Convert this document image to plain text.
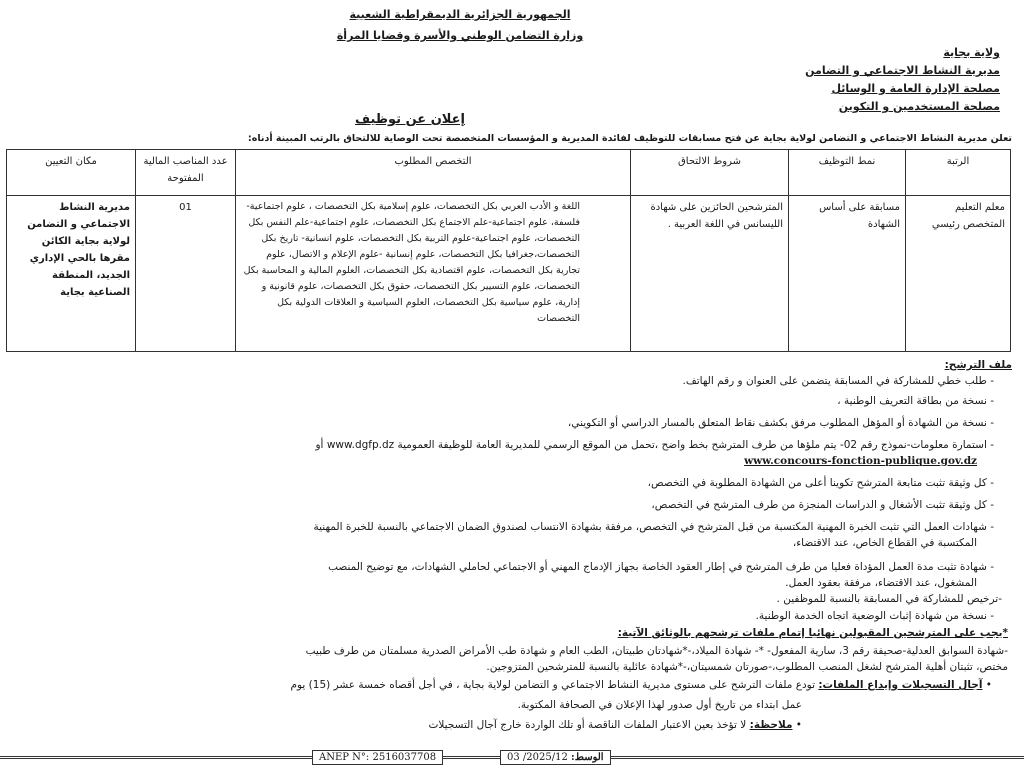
الجمهورية الجزائرية الديمقراطية الشعبية
وزارة التضامن الوطني والأسرة وقضايا المرأة
ولاية بجاية
مديرية النشاط الاجتماعي و التضامن
مصلحة الإدارة العامة و الوسائل
مصلحة المستخدمين و التكوين
إعلان عن توظيف
تعلن مديرية النشاط الاجتماعي و التضامن لولاية بجاية عن فتح مسابقات للتوظيف لفائدة المديرية و المؤسسات المتخصصة تحت الوصاية للالتحاق بالرتب المبينة أدناه:
الرتبة	نمط التوظيف	شروط الالتحاق	التخصص المطلوب	عدد المناصب المالية المفتوحة	مكان التعيين
معلم التعليم المتخصص رئيسي	مسابقة على أساس الشهادة	المترشحين الحائزين على شهادة الليسانس في اللغة العربية .	اللغة و الأدب العربي بكل التخصصات، علوم إسلامية بكل التخصصات ، علوم اجتماعية- فلسفة، علوم اجتماعية-علم الاجتماع بكل التخصصات، علوم اجتماعية-علم النفس بكل التخصصات، علوم اجتماعية-علوم التربية بكل التخصصات، علوم انسانية- تاريخ بكل التخصصات،جغرافيا بكل التخصصات، علوم إنسانية -علوم الإعلام و الاتصال، علوم تجارية بكل التخصصات، علوم اقتصادية بكل التخصصات، العلوم المالية و المحاسبة بكل التخصصات، علوم التسيير بكل التخصصات، حقوق بكل التخصصات، علوم قانونية و إدارية، علوم سياسية بكل التخصصات، العلوم السياسية و العلاقات الدولية بكل التخصصات	01	مديرية النشاط الاجتماعي و التضامن لولاية بجاية الكائن مقرها بالحي الإداري الجديد، المنطقة الصناعية بجاية
ملف الترشح:
- طلب خطي للمشاركة في المسابقة يتضمن على العنوان و رقم الهاتف.
- نسخة من بطاقة التعريف الوطنية ،
- نسخة من الشهادة أو المؤهل المطلوب مرفق بكشف نقاط المتعلق بالمسار الدراسي أو التكويني،
- استمارة معلومات-نموذج رقم 02- يتم ملؤها من طرف المترشح بخط واضح ،تحمل من الموقع الرسمي للمديرية العامة للوظيفة العمومية www.dgfp.dz أو
www.concours-fonction-publique.gov.dz
- كل وثيقة تثبت متابعة المترشح تكوينا أعلى من الشهادة المطلوبة في التخصص،
- كل وثيقة تثبت الأشغال و الدراسات المنجزة من طرف المترشح في التخصص،
- شهادات العمل التي تثبت الخبرة المهنية المكتسبة من قبل المترشح في التخصص، مرفقة بشهادة الانتساب لصندوق الضمان الاجتماعي بالنسبة للخبرة المهنية
المكتسبة في القطاع الخاص، عند الاقتضاء،
- شهادة تثبت مدة العمل المؤداة فعليا من طرف المترشح في إطار العقود الخاصة بجهاز الإدماج المهني أو الاجتماعي لحاملي الشهادات، مع توضيح المنصب
المشغول، عند الاقتضاء، مرفقة بعقود العمل.
-ترخيص للمشاركة في المسابقة بالنسبة للموظفين .
- نسخة من شهادة إثبات الوضعية اتجاه الخدمة الوطنية.
*يجب على المترشحين المقبولين نهائيا إتمام ملفات ترشحهم بالوثائق الآتية:
-شهادة السوابق العدلية-صحيفة رقم 3، سارية المفعول- *- شهادة الميلاد،-*شهادتان طبيتان، الطب العام و شهادة طب الأمراض الصدرية مسلمتان من طرف طبيب
مختص، تثبتان أهلية المترشح لشغل المنصب المطلوب،-صورتان شمسيتان،-*شهادة عائلية بالنسبة للمترشحين المتزوجين.
• آجال التسجيلات وإيداع الملفات: تودع ملفات الترشح على مستوى مديرية النشاط الاجتماعي و التضامن لولاية بجاية ، في أجل أقصاه خمسة عشر (15) يوم
عمل ابتداء من تاريخ أول صدور لهذا الإعلان في الصحافة المكتوبة.
• ملاحظة: لا تؤخذ بعين الاعتبار الملفات الناقصة أو تلك الواردة خارج آجال التسجيلات
ANEP N°: 2516037708	الوسط: 2025/12/ 03
